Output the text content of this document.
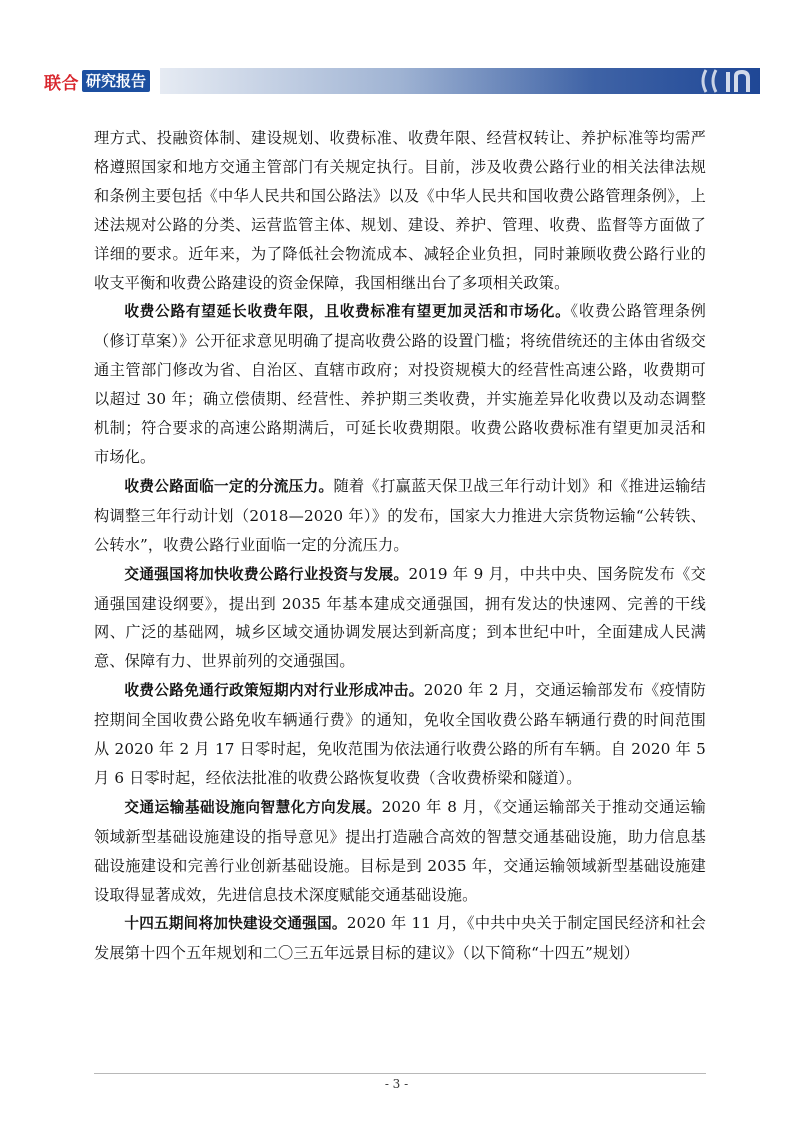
联合 研究报告

理方式、投融资体制、建设规划、收费标准、收费年限、经营权转让、养护标准等均需严格遵照国家和地方交通主管部门有关规定执行。目前，涉及收费公路行业的相关法律法规和条例主要包括《中华人民共和国公路法》以及《中华人民共和国收费公路管理条例》，上述法规对公路的分类、运营监管主体、规划、建设、养护、管理、收费、监督等方面做了详细的要求。近年来，为了降低社会物流成本、减轻企业负担，同时兼顾收费公路行业的收支平衡和收费公路建设的资金保障，我国相继出台了多项相关政策。

收费公路有望延长收费年限，且收费标准有望更加灵活和市场化。《收费公路管理条例（修订草案）》公开征求意见明确了提高收费公路的设置门槛；将统借统还的主体由省级交通主管部门修改为省、自治区、直辖市政府；对投资规模大的经营性高速公路，收费期可以超过 30 年；确立偿债期、经营性、养护期三类收费，并实施差异化收费以及动态调整机制；符合要求的高速公路期满后，可延长收费期限。收费公路收费标准有望更加灵活和市场化。

收费公路面临一定的分流压力。随着《打赢蓝天保卫战三年行动计划》和《推进运输结构调整三年行动计划（2018—2020 年）》的发布，国家大力推进大宗货物运输“公转铁、公转水”，收费公路行业面临一定的分流压力。

交通强国将加快收费公路行业投资与发展。2019 年 9 月，中共中央、国务院发布《交通强国建设纲要》，提出到 2035 年基本建成交通强国，拥有发达的快速网、完善的干线网、广泛的基础网，城乡区域交通协调发展达到新高度；到本世纪中叶，全面建成人民满意、保障有力、世界前列的交通强国。

收费公路免通行政策短期内对行业形成冲击。2020 年 2 月，交通运输部发布《疫情防控期间全国收费公路免收车辆通行费》的通知，免收全国收费公路车辆通行费的时间范围从 2020 年 2 月 17 日零时起，免收范围为依法通行收费公路的所有车辆。自 2020 年 5 月 6 日零时起，经依法批准的收费公路恢复收费（含收费桥梁和隧道）。

交通运输基础设施向智慧化方向发展。2020 年 8 月，《交通运输部关于推动交通运输领域新型基础设施建设的指导意见》提出打造融合高效的智慧交通基础设施，助力信息基础设施建设和完善行业创新基础设施。目标是到 2035 年，交通运输领域新型基础设施建设取得显著成效，先进信息技术深度赋能交通基础设施。

十四五期间将加快建设交通强国。2020 年 11 月，《中共中央关于制定国民经济和社会发展第十四个五年规划和二〇三五年远景目标的建议》（以下简称“十四五”规划）

- 3 -
